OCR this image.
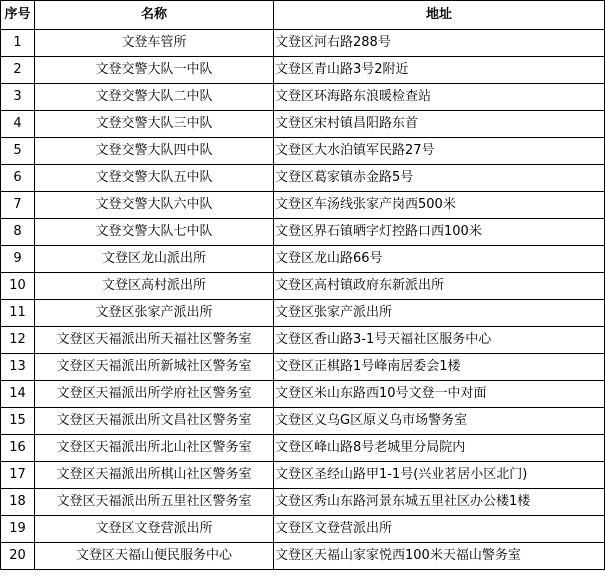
序号	名称	地址
1	文登车管所	文登区河右路288号
2	文登交警大队一中队	文登区青山路3号2附近
3	文登交警大队二中队	文登区环海路东浪暖检查站
4	文登交警大队三中队	文登区宋村镇昌阳路东首
5	文登交警大队四中队	文登区大水泊镇军民路27号
6	文登交警大队五中队	文登区葛家镇赤金路5号
7	文登交警大队六中队	文登区车汤线张家产岗西500米
8	文登交警大队七中队	文登区界石镇晒字灯控路口西100米
9	文登区龙山派出所	文登区龙山路66号
10	文登区高村派出所	文登区高村镇政府东新派出所
11	文登区张家产派出所	文登区张家产派出所
12	文登区天福派出所天福社区警务室	文登区香山路3-1号天福社区服务中心
13	文登区天福派出所新城社区警务室	文登区正棋路1号峰南居委会1楼
14	文登区天福派出所学府社区警务室	文登区米山东路西10号文登一中对面
15	文登区天福派出所文昌社区警务室	文登区义乌G区原义乌市场警务室
16	文登区天福派出所北山社区警务室	文登区峰山路8号老城里分局院内
17	文登区天福派出所棋山社区警务室	文登区圣经山路甲1-1号(兴业茗居小区北门)
18	文登区天福派出所五里社区警务室	文登区秀山东路河景东城五里社区办公楼1楼
19	文登区文登营派出所	文登区文登营派出所
20	文登区天福山便民服务中心	文登区天福山家家悦西100米天福山警务室
